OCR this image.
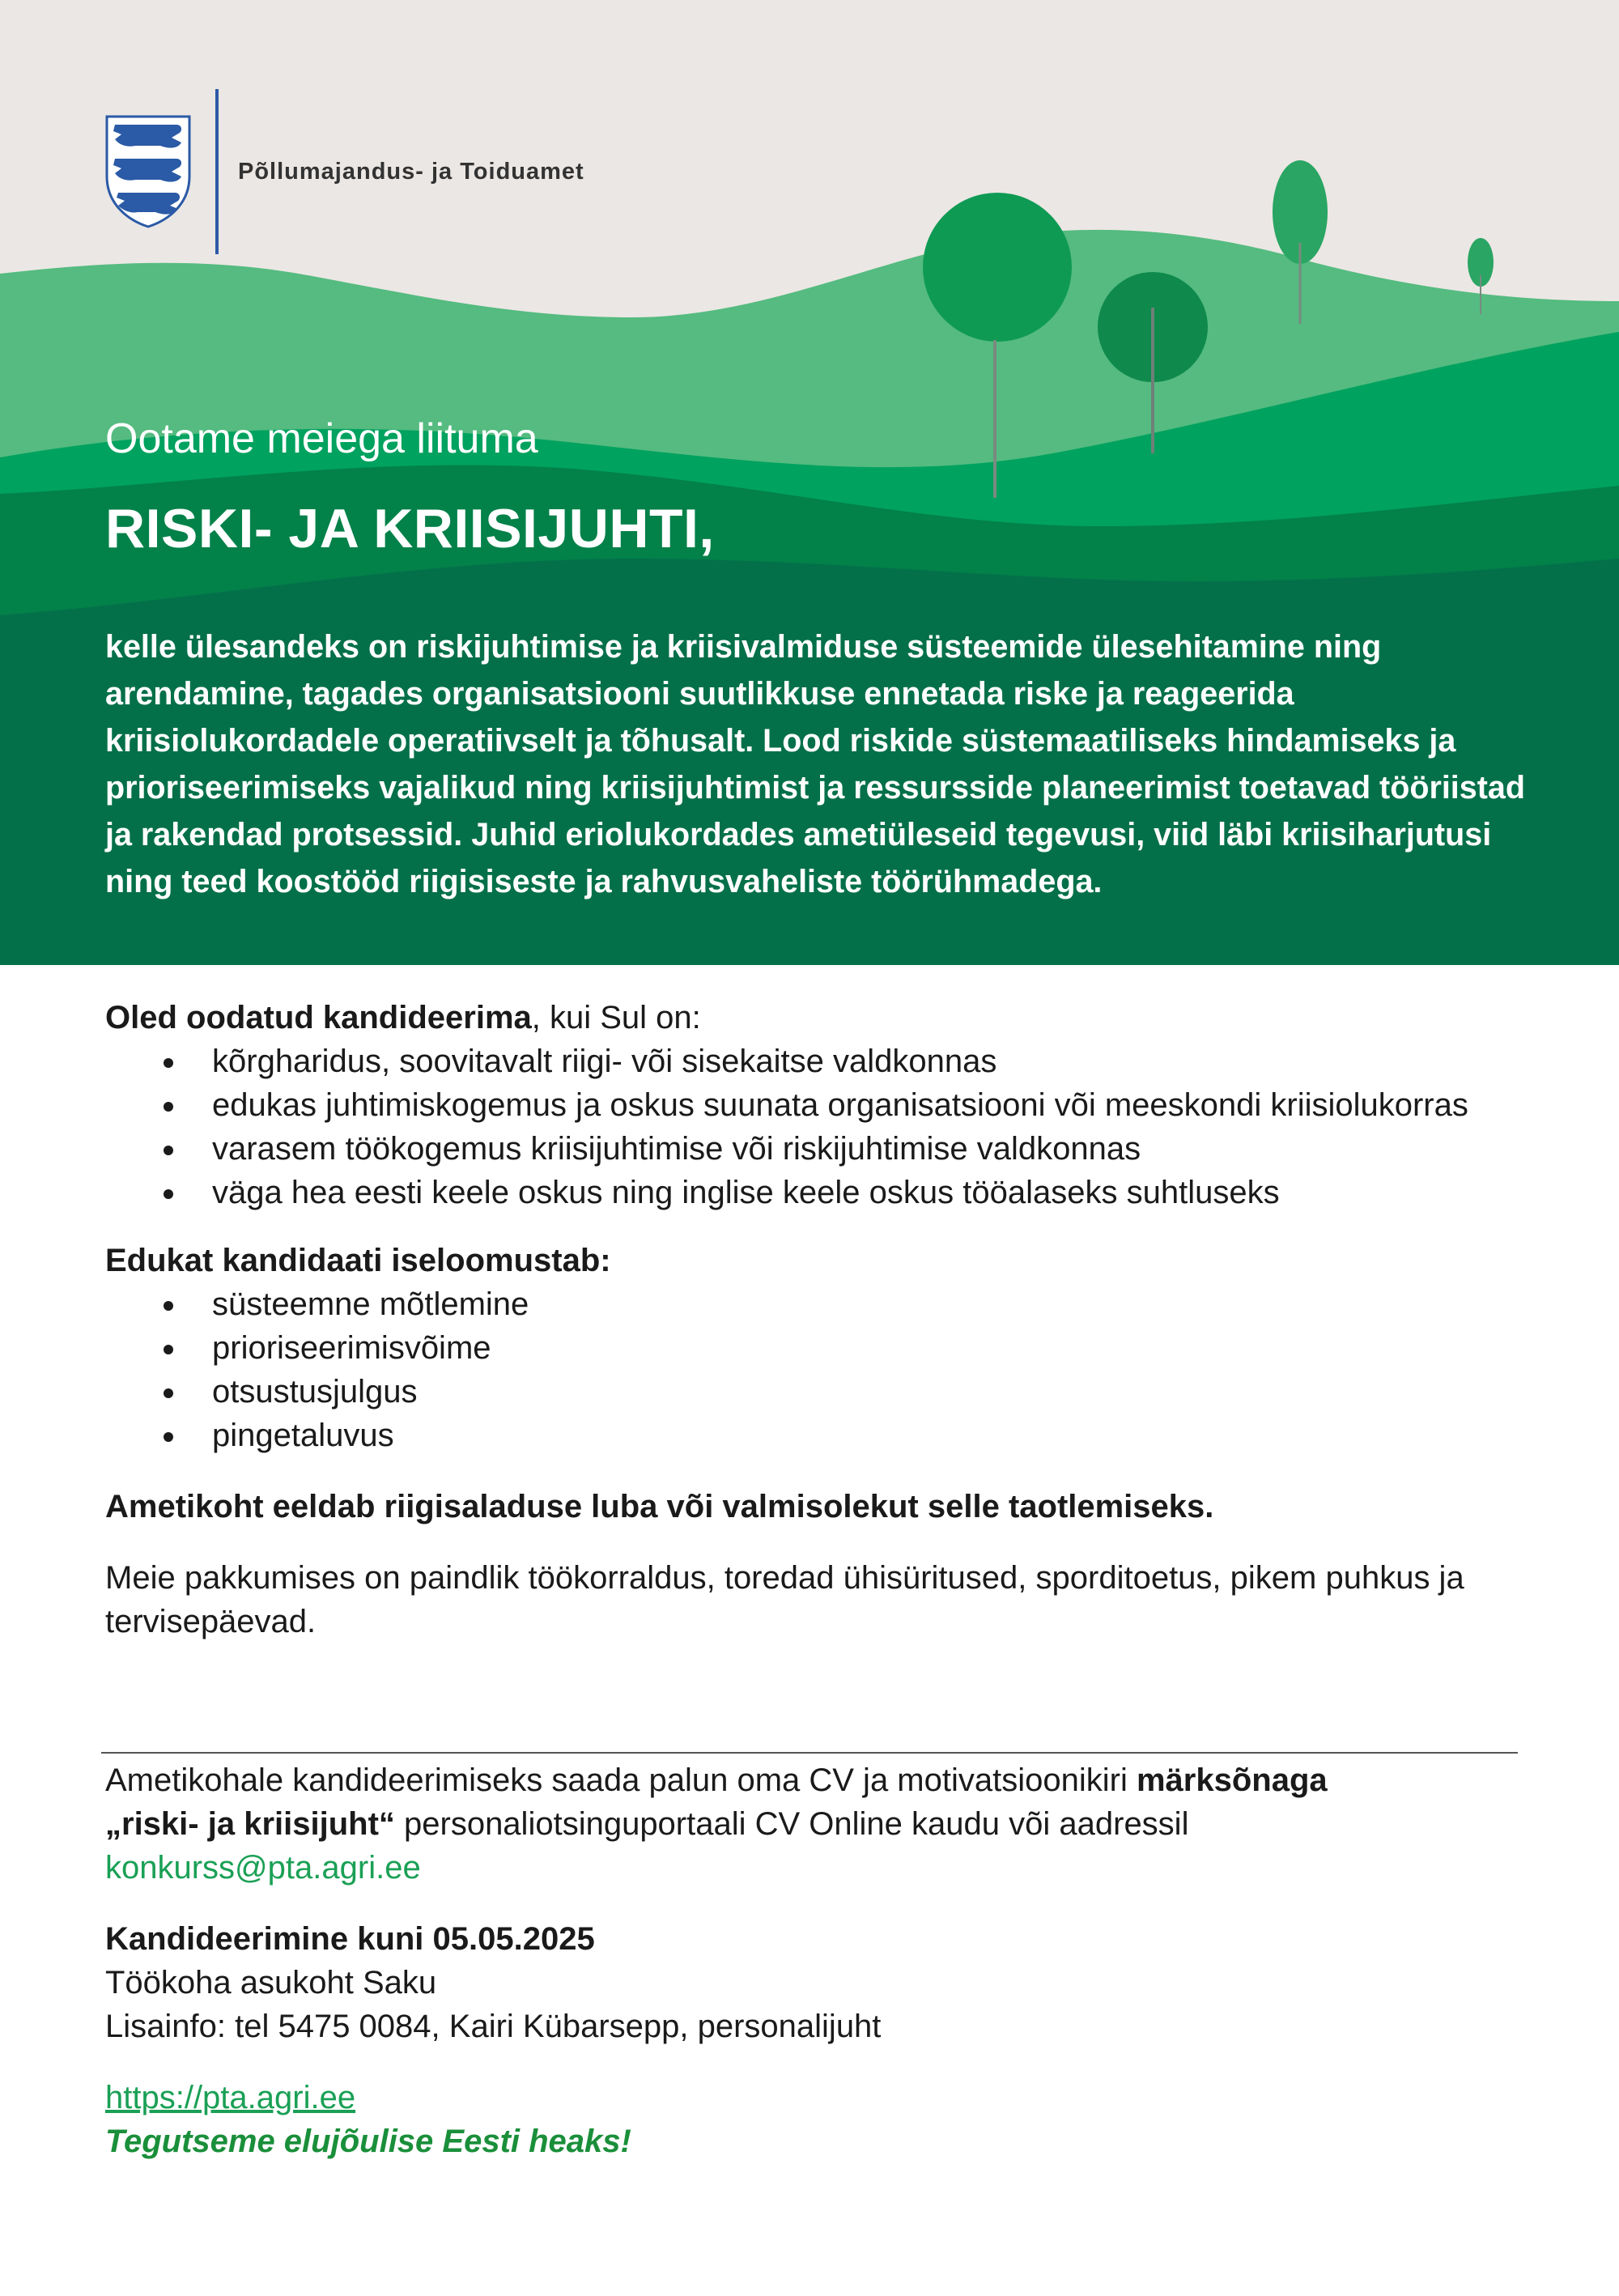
Põllumajandus- ja Toiduamet
Ootame meiega liituma
RISKI- JA KRIISIJUHTI,
kelle ülesandeks on riskijuhtimise ja kriisivalmiduse süsteemide ülesehitamine ning arendamine, tagades organisatsiooni suutlikkuse ennetada riske ja reageerida kriisiolukordadele operatiivselt ja tõhusalt. Lood riskide süstemaatiliseks hindamiseks ja prioriseerimiseks vajalikud ning kriisijuhtimist ja ressursside planeerimist toetavad tööriistad ja rakendad protsessid. Juhid eriolukordades ametiüleseid tegevusi, viid läbi kriisiharjutusi ning teed koostööd riigisiseste ja rahvusvaheliste töörühmadega.

Oled oodatud kandideerima, kui Sul on:

kõrgharidus, soovitavalt riigi- või sisekaitse valdkonnas
edukas juhtimiskogemus ja oskus suunata organisatsiooni või meeskondi kriisiolukorras
varasem töökogemus kriisijuhtimise või riskijuhtimise valdkonnas
väga hea eesti keele oskus ning inglise keele oskus tööalaseks suhtluseks

Edukat kandidaati iseloomustab:

süsteemne mõtlemine
prioriseerimisvõime
otsustusjulgus
pingetaluvus

Ametikoht eeldab riigisaladuse luba või valmisolekut selle taotlemiseks.

Meie pakkumises on paindlik töökorraldus, toredad ühisüritused, sporditoetus, pikem puhkus ja tervisepäevad.

Ametikohale kandideerimiseks saada palun oma CV ja motivatsioonikiri märksõnaga
„riski- ja kriisijuht“ personaliotsinguportaali CV Online kaudu või aadressil

konkurss@pta.agri.ee

Kandideerimine kuni 05.05.2025

Töökoha asukoht Saku

Lisainfo: tel 5475 0084, Kairi Kübarsepp, personalijuht

https://pta.agri.ee

Tegutseme elujõulise Eesti heaks!
